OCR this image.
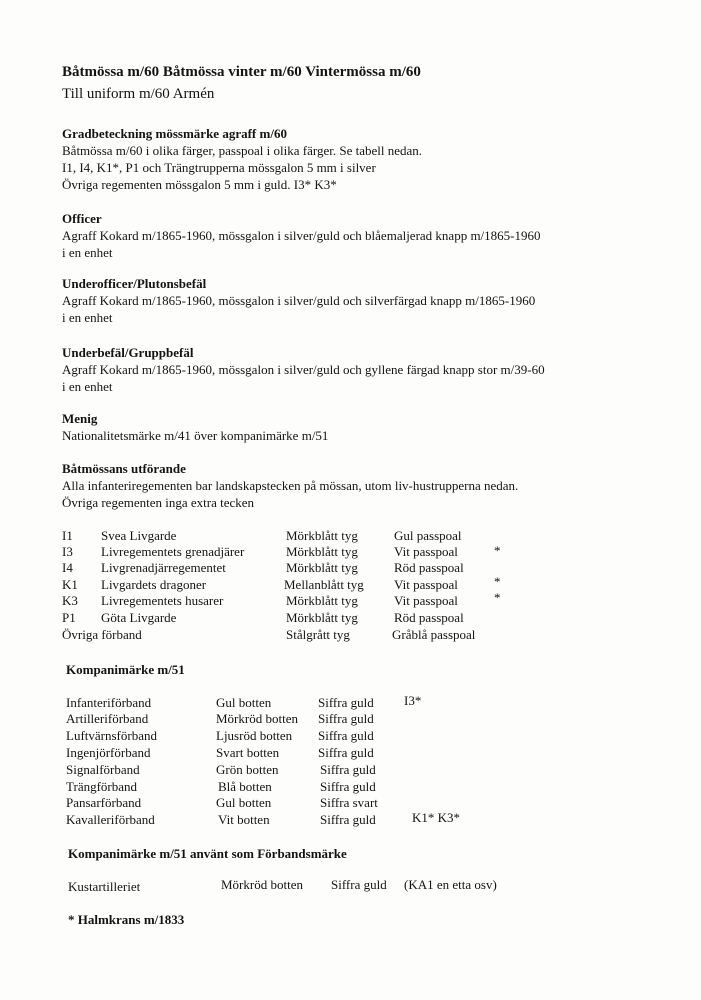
Båtmössa m/60 Båtmössa vinter m/60 Vintermössa m/60
Till uniform m/60 Armén
Gradbeteckning mössmärke agraff m/60
Båtmössa m/60 i olika färger, passpoal i olika färger. Se tabell nedan.
I1, I4, K1*, P1 och Trängtrupperna mössgalon 5 mm i silver
Övriga regementen mössgalon 5 mm i guld. I3* K3*
Officer
Agraff Kokard m/1865-1960, mössgalon i silver/guld och blåemaljerad knapp m/1865-1960
i en enhet
Underofficer/Plutonsbefäl
Agraff Kokard m/1865-1960, mössgalon i silver/guld och silverfärgad knapp m/1865-1960
i en enhet
Underbefäl/Gruppbefäl
Agraff Kokard m/1865-1960, mössgalon i silver/guld och gyllene färgad knapp stor m/39-60
i en enhet
Menig
Nationalitetsmärke m/41 över kompanimärke m/51
Båtmössans utförande
Alla infanteriregementen bar landskapstecken på mössan, utom liv-hustrupperna nedan.
Övriga regementen inga extra tecken
I1 Svea Livgarde	Mörkblått tyg	Gul passpoal
I3 Livregementets grenadjärer	Mörkblått tyg	Vit passpoal	*
I4 Livgrenadjärregementet	Mörkblått tyg	Röd passpoal
K1 Livgardets dragoner	Mellanblått tyg Vit passpoal	*
K3 Livregementets husarer	Mörkblått tyg	Vit passpoal	*
P1 Göta Livgarde	Mörkblått tyg	Röd passpoal
Övriga förband	Stålgrått tyg	Gråblå passpoal
Kompanimärke m/51
Infanteriförband	Gul botten	Siffra guld I3*
Artilleriförband	Mörkröd botten Siffra guld
Luftvärnsförband	Ljusröd botten Siffra guld
Ingenjörförband	Svart botten	Siffra guld
Signalförband	Grön botten	Siffra guld
Trängförband	Blå botten	Siffra guld
Pansarförband	Gul botten	Siffra svart
Kavalleriförband	Vit botten	Siffra guld	K1* K3*
Kompanimärke m/51 använt som Förbandsmärke
Kustartilleriet	Mörkröd botten Siffra guld (KA1 en etta osv)
* Halmkrans m/1833
